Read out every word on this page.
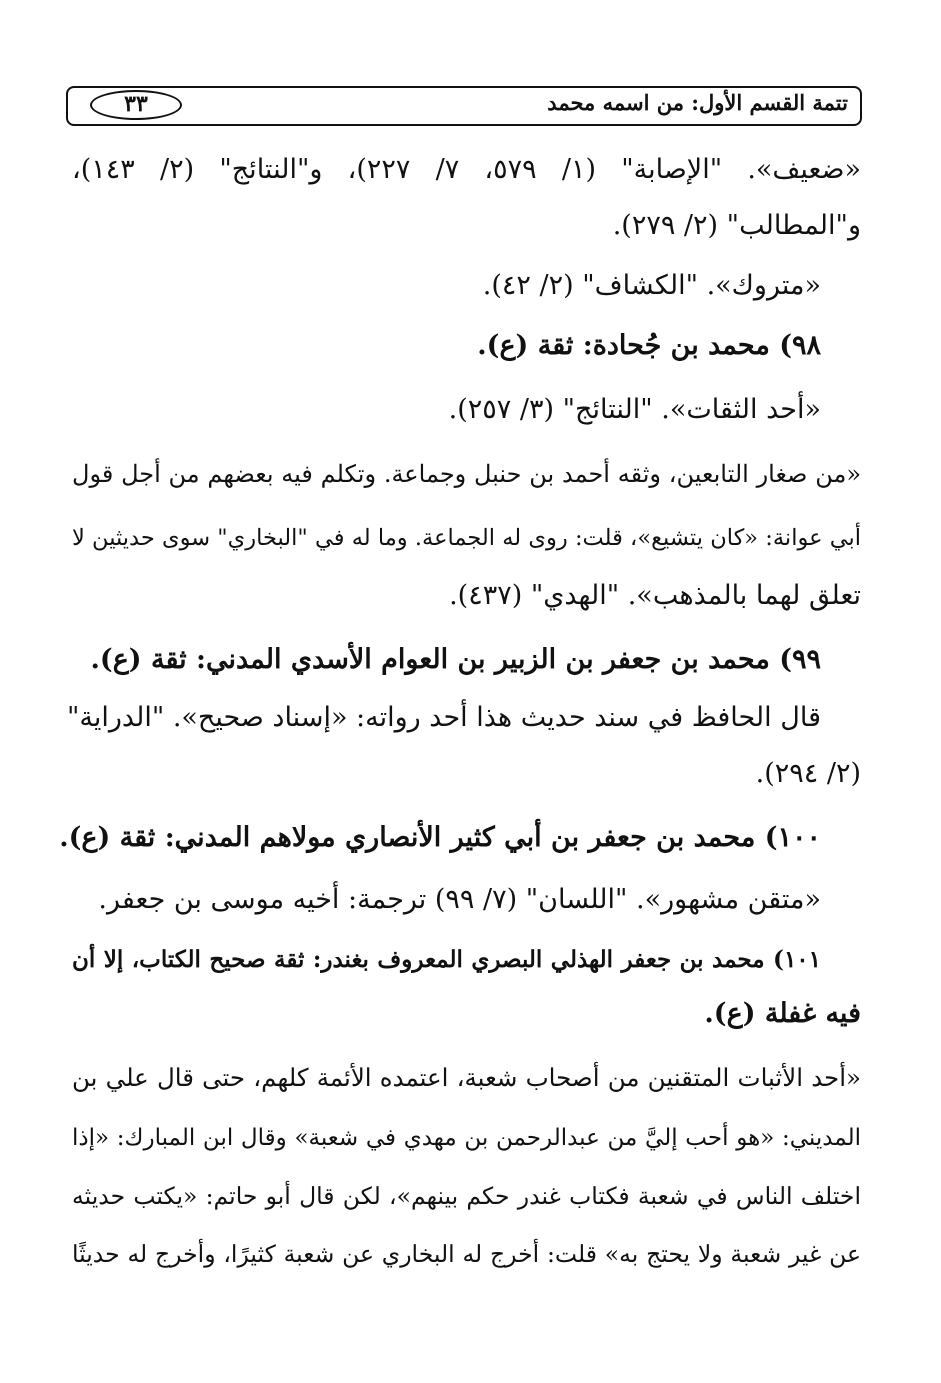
تتمة القسم الأول: من اسمه محمد
٣٣
«ضعيف». "الإصابة" (١/ ٥٧٩، ٧/ ٢٢٧)، و"النتائج" (٢/ ١٤٣)،
و"المطالب" (٢/ ٢٧٩).
«متروك». "الكشاف" (٢/ ٤٢).
٩٨) محمد بن جُحادة: ثقة (ع).
«أحد الثقات». "النتائج" (٣/ ٢٥٧).
«من صغار التابعين، وثقه أحمد بن حنبل وجماعة. وتكلم فيه بعضهم من أجل قول
أبي عوانة: «كان يتشيع»، قلت: روى له الجماعة. وما له في "البخاري" سوى حديثين لا
تعلق لهما بالمذهب». "الهدي" (٤٣٧).
٩٩) محمد بن جعفر بن الزبير بن العوام الأسدي المدني: ثقة (ع).
قال الحافظ في سند حديث هذا أحد رواته: «إسناد صحيح». "الدراية"
(٢/ ٢٩٤).
١٠٠) محمد بن جعفر بن أبي كثير الأنصاري مولاهم المدني: ثقة (ع).
«متقن مشهور». "اللسان" (٧/ ٩٩) ترجمة: أخيه موسى بن جعفر.
١٠١) محمد بن جعفر الهذلي البصري المعروف بغندر: ثقة صحيح الكتاب، إلا أن
فيه غفلة (ع).
«أحد الأثبات المتقنين من أصحاب شعبة، اعتمده الأئمة كلهم، حتى قال علي بن
المديني: «هو أحب إليَّ من عبدالرحمن بن مهدي في شعبة» وقال ابن المبارك: «إذا
اختلف الناس في شعبة فكتاب غندر حكم بينهم»، لكن قال أبو حاتم: «يكتب حديثه
عن غير شعبة ولا يحتج به» قلت: أخرج له البخاري عن شعبة كثيرًا، وأخرج له حديثًا
